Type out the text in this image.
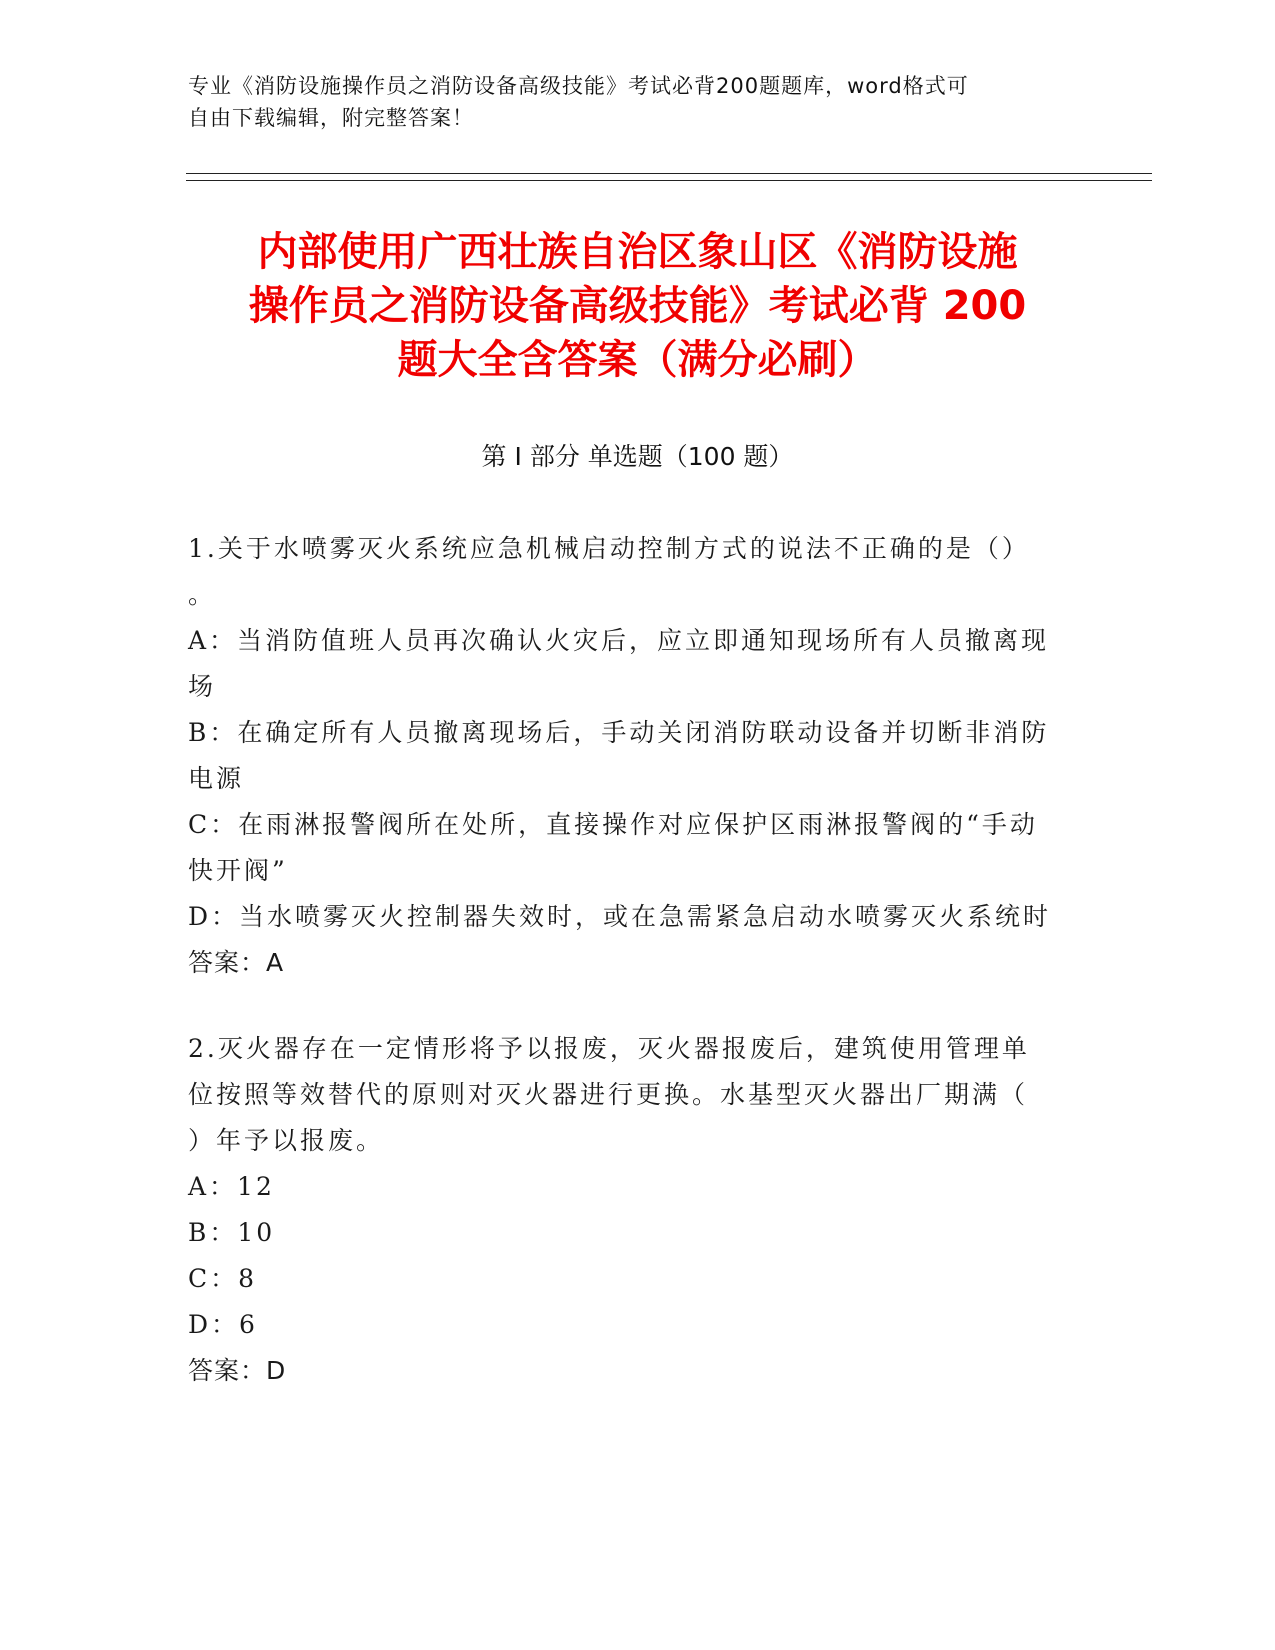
专业《消防设施操作员之消防设备高级技能》考试必背200题题库，word格式可
自由下载编辑，附完整答案！
内部使用广西壮族自治区象山区《消防设施
操作员之消防设备高级技能》考试必背 200
题大全含答案（满分必刷）
第 I 部分 单选题（100 题）
1.关于水喷雾灭火系统应急机械启动控制方式的说法不正确的是（）
。
A：当消防值班人员再次确认火灾后，应立即通知现场所有人员撤离现
场
B：在确定所有人员撤离现场后，手动关闭消防联动设备并切断非消防
电源
C：在雨淋报警阀所在处所，直接操作对应保护区雨淋报警阀的“手动
快开阀”
D：当水喷雾灭火控制器失效时，或在急需紧急启动水喷雾灭火系统时
答案：A
2.灭火器存在一定情形将予以报废，灭火器报废后，建筑使用管理单
位按照等效替代的原则对灭火器进行更换。水基型灭火器出厂期满（
）年予以报废。
A：12
B：10
C：8
D：6
答案：D
